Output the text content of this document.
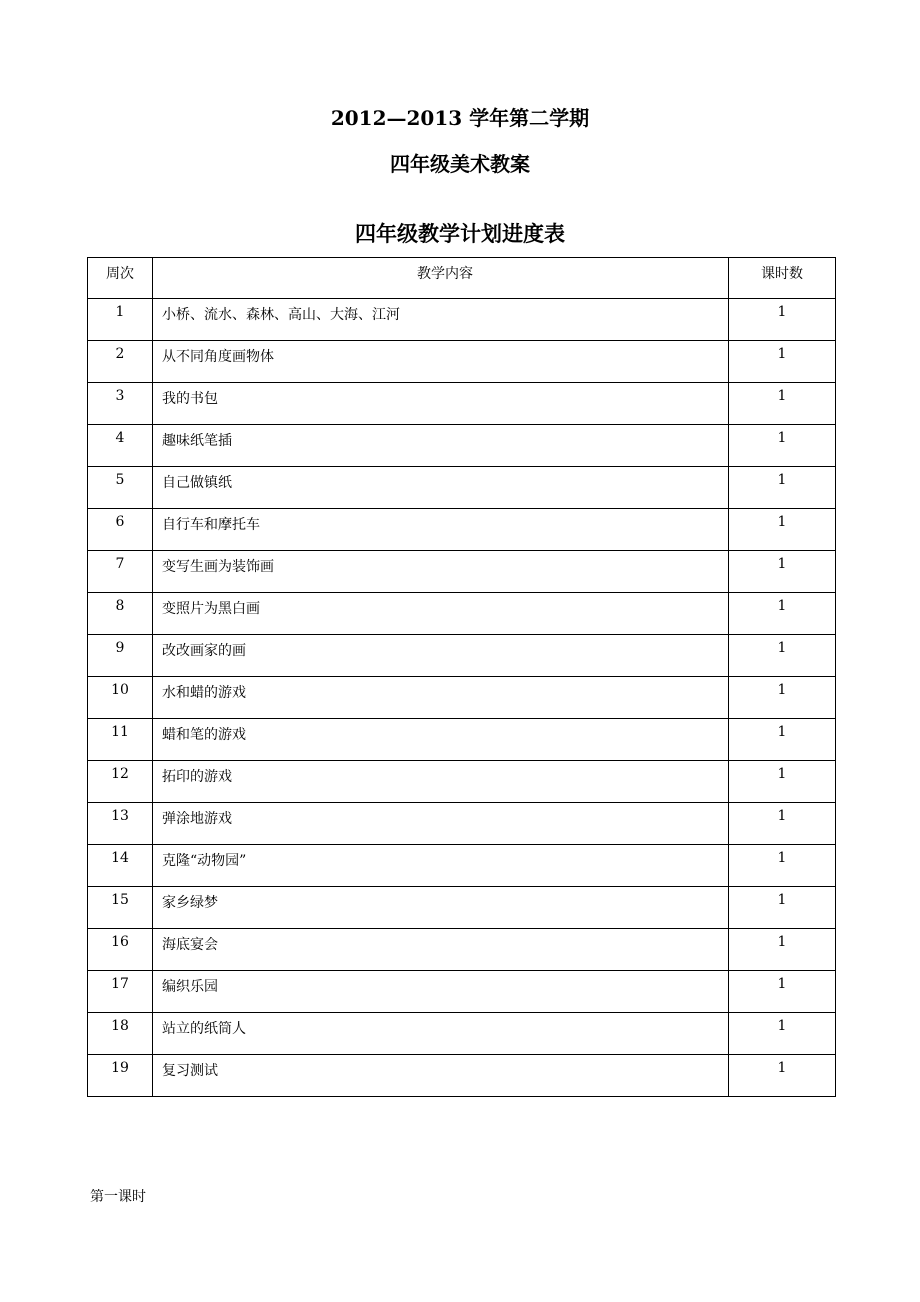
2012—2013 学年第二学期
四年级美术教案
四年级教学计划进度表
周次	教学内容	课时数

1	小桥、流水、森林、高山、大海、江河	1

2	从不同角度画物体	1

3	我的书包	1

4	趣味纸笔插	1

5	自己做镇纸	1

6	自行车和摩托车	1

7	变写生画为装饰画	1

8	变照片为黑白画	1

9	改改画家的画	1

10	水和蜡的游戏	1

11	蜡和笔的游戏	1

12	拓印的游戏	1

13	弹涂地游戏	1

14	克隆“动物园”	1

15	家乡绿梦	1

16	海底宴会	1

17	编织乐园	1

18	站立的纸筒人	1

19	复习测试	1
第一课时
